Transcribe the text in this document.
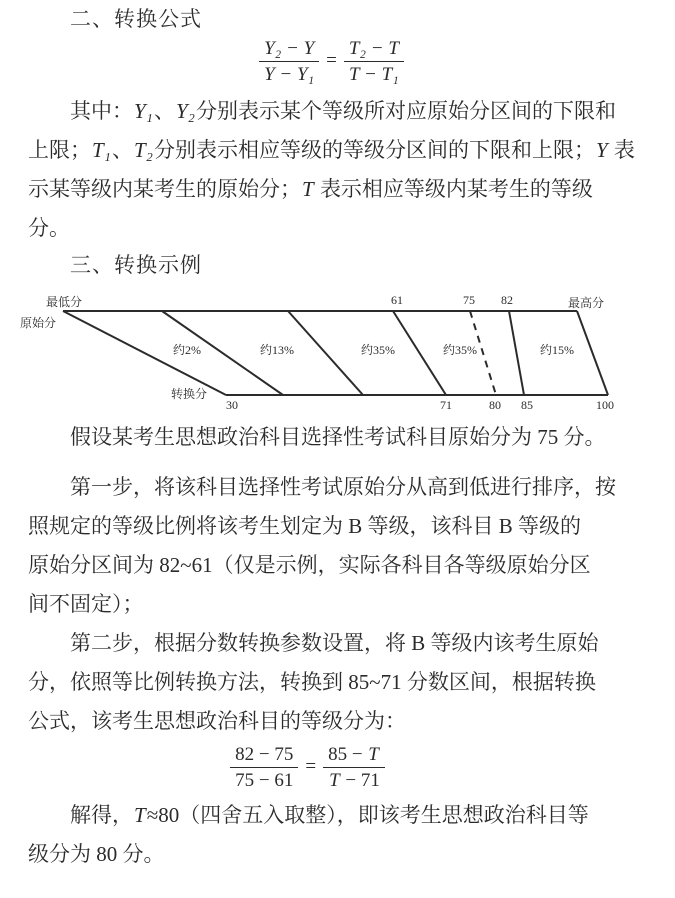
二、转换公式
$\frac{\text{Y₂ − Y}}{\text{Y − Y₁}} = \frac{\text{T₂ − T}}{\text{T − T₁}}$
其中：Y₁、Y₂分别表示某个等级所对应原始分区间的下限和
上限；T₁、T₂分别表示相应等级的等级分区间的下限和上限；Y 表
示某等级内某考生的原始分；T 表示相应等级内某考生的等级
分。
三、转换示例
最低分	最高分
原始分
转换分
61	75 82
30	71	80 85	100
约2%	约13%	约35%	约35%	约15%
假设某考生思想政治科目选择性考试科目原始分为 75 分。
第一步，将该科目选择性考试原始分从高到低进行排序，按
照规定的等级比例将该考生划定为 B 等级，该科目 B 等级的
原始分区间为 82~61（仅是示例，实际各科目各等级原始分区
间不固定）；
第二步，根据分数转换参数设置，将 B 等级内该考生原始
分，依照等比例转换方法，转换到 85~71 分数区间，根据转换
公式，该考生思想政治科目的等级分为：
$\frac{82 - 75}{75 - 61} = \frac{85 - T}{T - 71}$
解得，T≈80（四舍五入取整），即该考生思想政治科目等
级分为 80 分。
